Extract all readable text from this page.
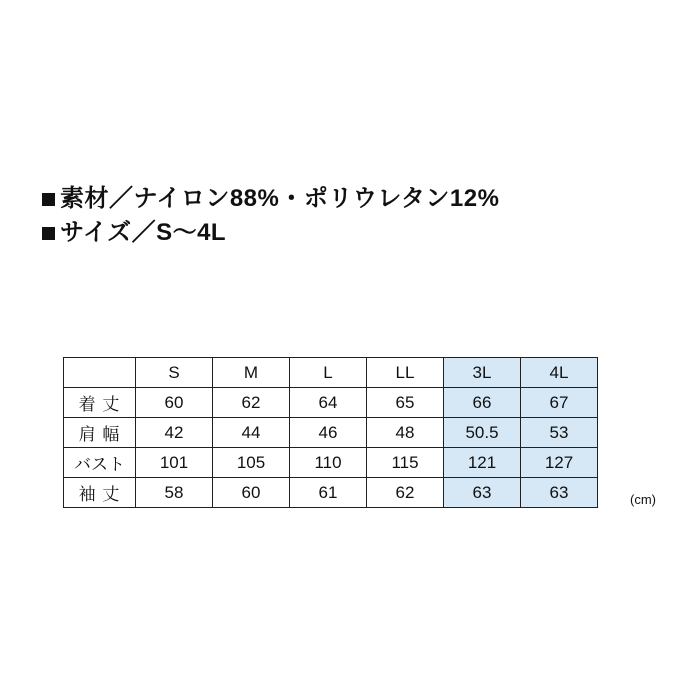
素材／ナイロン88%・ポリウレタン12%
サイズ／S〜4L
	S	M	L	LL	3L	4L
着 丈	60	62	64	65	66	67
肩 幅	42	44	46	48	50.5	53
バスト	101	105	110	115	121	127
袖 丈	58	60	61	62	63	63	(cm)
